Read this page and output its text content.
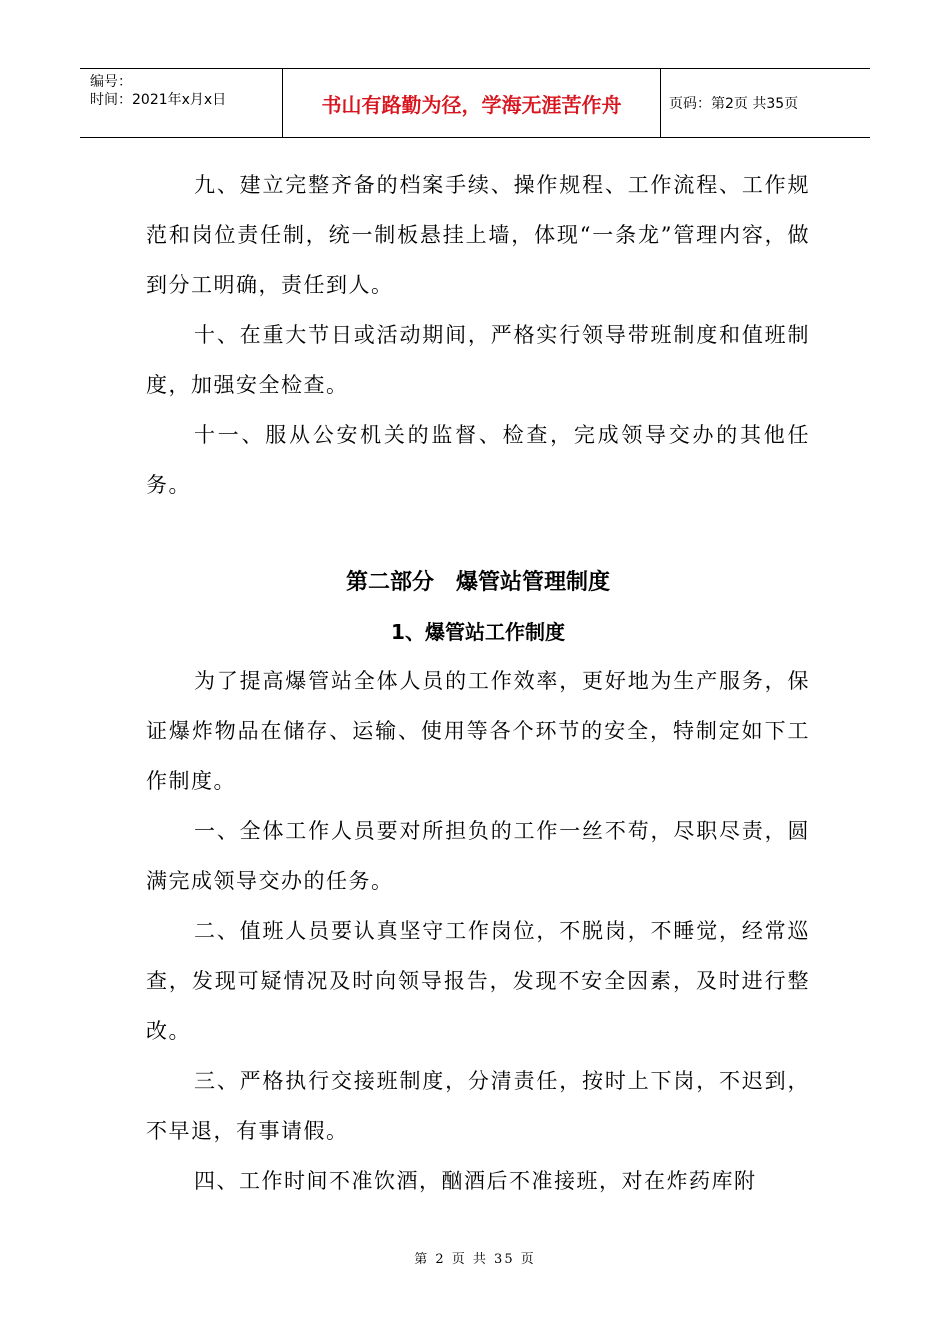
编号：
时间：2021年x月x日	书山有路勤为径，学海无涯苦作舟	页码：第2页 共35页

九、建立完整齐备的档案手续、操作规程、工作流程、工作规范和岗位责任制，统一制板悬挂上墙，体现“一条龙”管理内容，做到分工明确，责任到人。

十、在重大节日或活动期间，严格实行领导带班制度和值班制度，加强安全检查。

十一、服从公安机关的监督、检查，完成领导交办的其他任务。

第二部分　爆管站管理制度
1、爆管站工作制度

为了提高爆管站全体人员的工作效率，更好地为生产服务，保证爆炸物品在储存、运输、使用等各个环节的安全，特制定如下工作制度。

一、全体工作人员要对所担负的工作一丝不苟，尽职尽责，圆满完成领导交办的任务。

二、值班人员要认真坚守工作岗位，不脱岗，不睡觉，经常巡查，发现可疑情况及时向领导报告，发现不安全因素，及时进行整改。

三、严格执行交接班制度，分清责任，按时上下岗，不迟到，不早退，有事请假。

四、工作时间不准饮酒，酗酒后不准接班，对在炸药库附

第 2 页 共 35 页
